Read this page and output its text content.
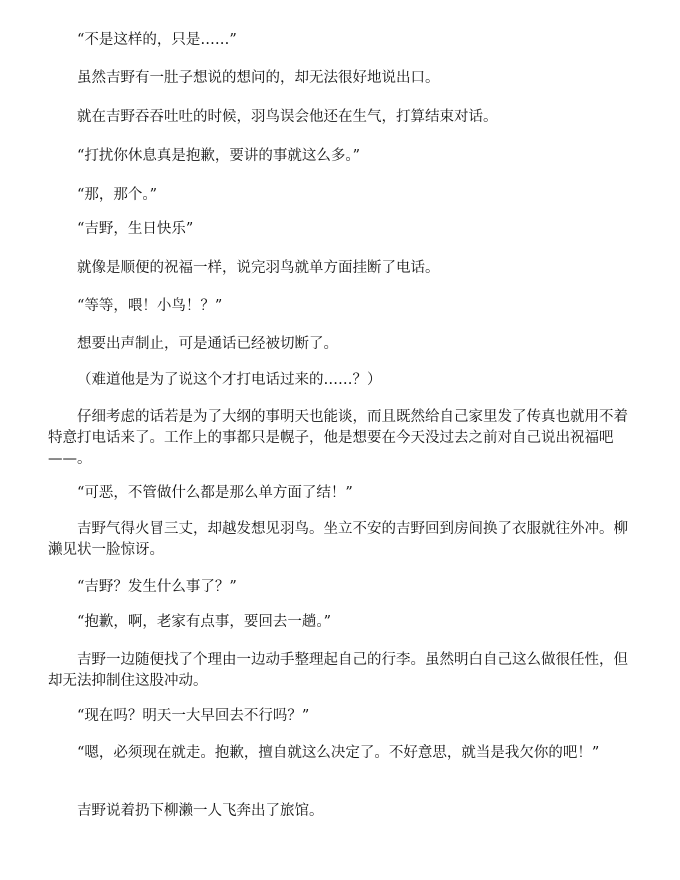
“不是这样的，只是……”

虽然吉野有一肚子想说的想问的，却无法很好地说出口。

就在吉野吞吞吐吐的时候，羽鸟误会他还在生气，打算结束对话。

“打扰你休息真是抱歉，要讲的事就这么多。”

“那，那个。”

“吉野，生日快乐”

就像是顺便的祝福一样，说完羽鸟就单方面挂断了电话。

“等等，喂！小鸟！？”

想要出声制止，可是通话已经被切断了。

（难道他是为了说这个才打电话过来的……？）

仔细考虑的话若是为了大纲的事明天也能谈，而且既然给自己家里发了传真也就用不着特意打电话来了。工作上的事都只是幌子，他是想要在今天没过去之前对自己说出祝福吧——。

“可恶，不管做什么都是那么单方面了结！”

吉野气得火冒三丈，却越发想见羽鸟。坐立不安的吉野回到房间换了衣服就往外冲。柳濑见状一脸惊讶。

“吉野？发生什么事了？”

“抱歉，啊，老家有点事，要回去一趟。”

吉野一边随便找了个理由一边动手整理起自己的行李。虽然明白自己这么做很任性，但却无法抑制住这股冲动。

“现在吗？明天一大早回去不行吗？”

“嗯，必须现在就走。抱歉，擅自就这么决定了。不好意思，就当是我欠你的吧！”

吉野说着扔下柳濑一人飞奔出了旅馆。
